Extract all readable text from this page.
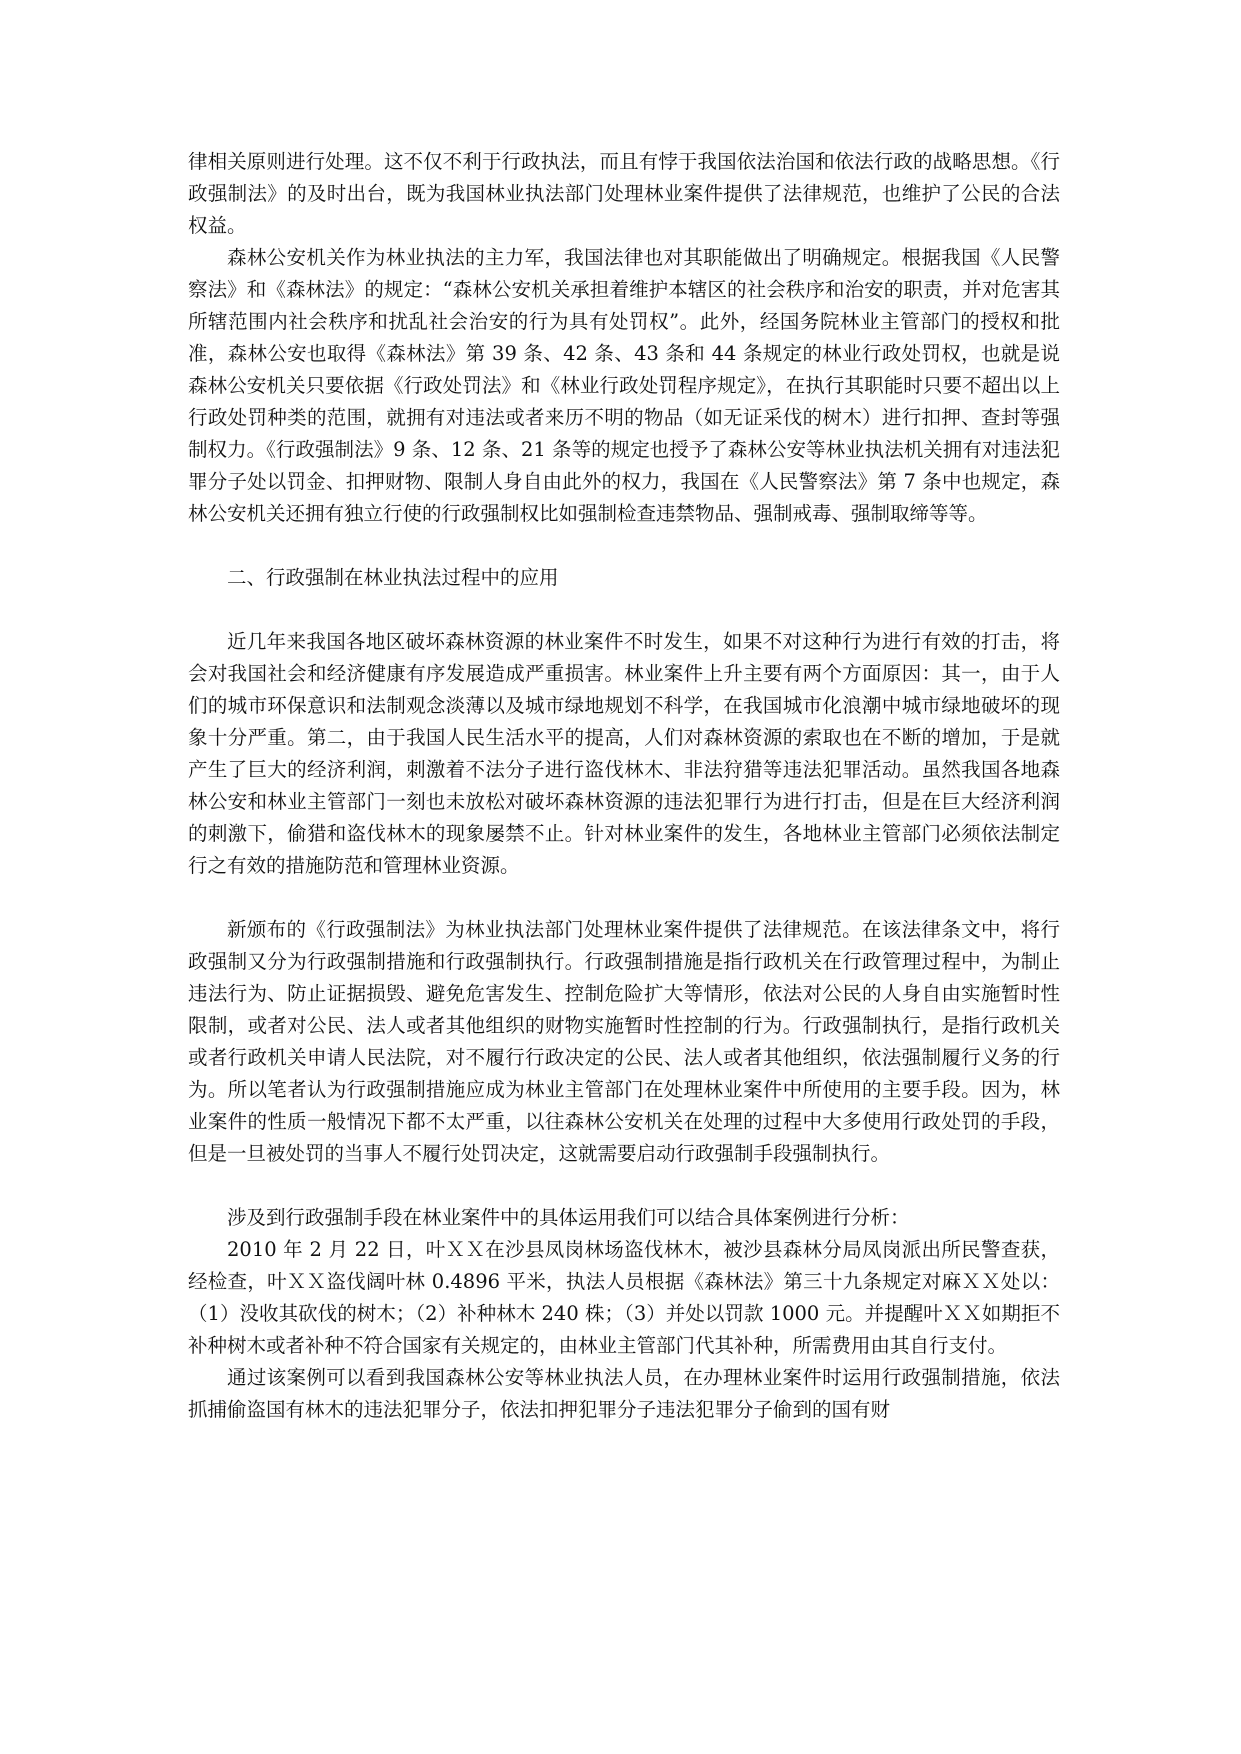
律相关原则进行处理。这不仅不利于行政执法，而且有悖于我国依法治国和依法行政的战略思想。《行政强制法》的及时出台，既为我国林业执法部门处理林业案件提供了法律规范，也维护了公民的合法权益。

森林公安机关作为林业执法的主力军，我国法律也对其职能做出了明确规定。根据我国《人民警察法》和《森林法》的规定：“森林公安机关承担着维护本辖区的社会秩序和治安的职责，并对危害其所辖范围内社会秩序和扰乱社会治安的行为具有处罚权”。此外，经国务院林业主管部门的授权和批准，森林公安也取得《森林法》第 39 条、42 条、43 条和 44 条规定的林业行政处罚权，也就是说森林公安机关只要依据《行政处罚法》和《林业行政处罚程序规定》，在执行其职能时只要不超出以上行政处罚种类的范围，就拥有对违法或者来历不明的物品（如无证采伐的树木）进行扣押、查封等强制权力。《行政强制法》9 条、12 条、21 条等的规定也授予了森林公安等林业执法机关拥有对违法犯罪分子处以罚金、扣押财物、限制人身自由此外的权力，我国在《人民警察法》第 7 条中也规定，森林公安机关还拥有独立行使的行政强制权比如强制检查违禁物品、强制戒毒、强制取缔等等。

二、行政强制在林业执法过程中的应用

近几年来我国各地区破坏森林资源的林业案件不时发生，如果不对这种行为进行有效的打击，将会对我国社会和经济健康有序发展造成严重损害。林业案件上升主要有两个方面原因：其一，由于人们的城市环保意识和法制观念淡薄以及城市绿地规划不科学，在我国城市化浪潮中城市绿地破坏的现象十分严重。第二，由于我国人民生活水平的提高，人们对森林资源的索取也在不断的增加，于是就产生了巨大的经济利润，刺激着不法分子进行盗伐林木、非法狩猎等违法犯罪活动。虽然我国各地森林公安和林业主管部门一刻也未放松对破坏森林资源的违法犯罪行为进行打击，但是在巨大经济利润的刺激下，偷猎和盗伐林木的现象屡禁不止。针对林业案件的发生，各地林业主管部门必须依法制定行之有效的措施防范和管理林业资源。

新颁布的《行政强制法》为林业执法部门处理林业案件提供了法律规范。在该法律条文中，将行政强制又分为行政强制措施和行政强制执行。行政强制措施是指行政机关在行政管理过程中，为制止违法行为、防止证据损毁、避免危害发生、控制危险扩大等情形，依法对公民的人身自由实施暂时性限制，或者对公民、法人或者其他组织的财物实施暂时性控制的行为。行政强制执行，是指行政机关或者行政机关申请人民法院，对不履行行政决定的公民、法人或者其他组织，依法强制履行义务的行为。所以笔者认为行政强制措施应成为林业主管部门在处理林业案件中所使用的主要手段。因为，林业案件的性质一般情况下都不太严重，以往森林公安机关在处理的过程中大多使用行政处罚的手段，但是一旦被处罚的当事人不履行处罚决定，这就需要启动行政强制手段强制执行。

涉及到行政强制手段在林业案件中的具体运用我们可以结合具体案例进行分析：

2010 年 2 月 22 日，叶ＸＸ在沙县凤岗林场盗伐林木，被沙县森林分局凤岗派出所民警查获，经检查，叶ＸＸ盗伐阔叶林 0.4896 平米，执法人员根据《森林法》第三十九条规定对麻ＸＸ处以：（1）没收其砍伐的树木；（2）补种林木 240 株；（3）并处以罚款 1000 元。并提醒叶ＸＸ如期拒不补种树木或者补种不符合国家有关规定的，由林业主管部门代其补种，所需费用由其自行支付。

通过该案例可以看到我国森林公安等林业执法人员，在办理林业案件时运用行政强制措施，依法抓捕偷盗国有林木的违法犯罪分子，依法扣押犯罪分子违法犯罪分子偷到的国有财
